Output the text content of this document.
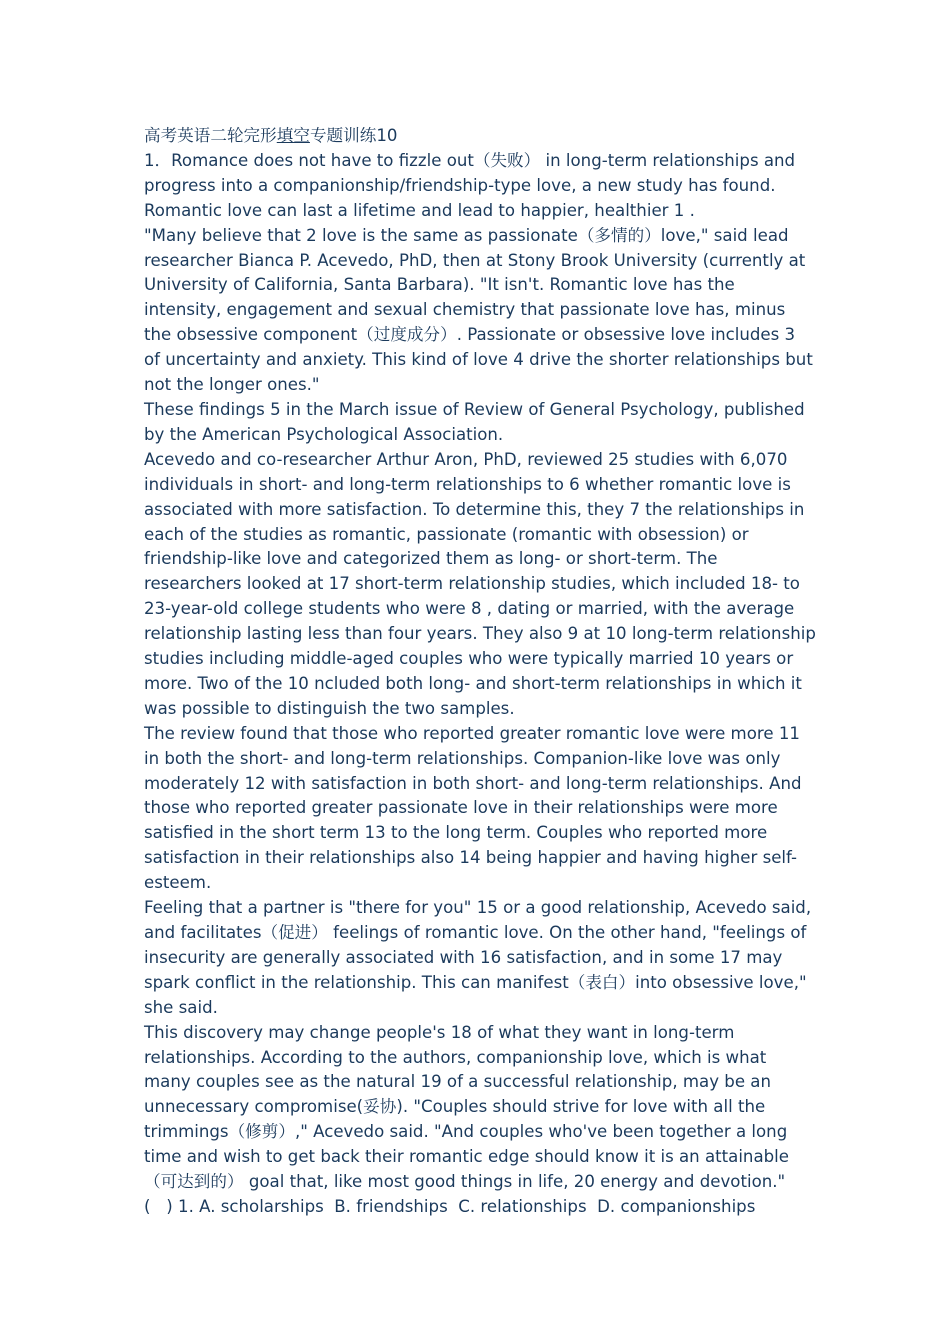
高考英语二轮完形填空专题训练10

1．Romance does not have to fizzle out（失败） in long-term relationships and progress into a companionship/friendship-type love, a new study has found. Romantic love can last a lifetime and lead to happier, healthier 1 .

"Many believe that 2 love is the same as passionate（多情的）love," said lead researcher Bianca P. Acevedo, PhD, then at Stony Brook University (currently at University of California, Santa Barbara). "It isn't. Romantic love has the intensity, engagement and sexual chemistry that passionate love has, minus the obsessive component（过度成分）. Passionate or obsessive love includes 3 of uncertainty and anxiety. This kind of love 4 drive the shorter relationships but not the longer ones."

These findings 5 in the March issue of Review of General Psychology, published by the American Psychological Association.

Acevedo and co-researcher Arthur Aron, PhD, reviewed 25 studies with 6,070 individuals in short- and long-term relationships to 6 whether romantic love is associated with more satisfaction. To determine this, they 7 the relationships in each of the studies as romantic, passionate (romantic with obsession) or friendship-like love and categorized them as long- or short-term. The researchers looked at 17 short-term relationship studies, which included 18- to 23-year-old college students who were 8 , dating or married, with the average relationship lasting less than four years. They also 9 at 10 long-term relationship studies including middle-aged couples who were typically married 10 years or more. Two of the 10 ncluded both long- and short-term relationships in which it was possible to distinguish the two samples.

The review found that those who reported greater romantic love were more 11 in both the short- and long-term relationships. Companion-like love was only moderately 12 with satisfaction in both short- and long-term relationships. And those who reported greater passionate love in their relationships were more satisfied in the short term 13 to the long term. Couples who reported more satisfaction in their relationships also 14 being happier and having higher self-esteem.

Feeling that a partner is "there for you" 15 or a good relationship, Acevedo said, and facilitates（促进） feelings of romantic love. On the other hand, "feelings of insecurity are generally associated with 16 satisfaction, and in some 17 may spark conflict in the relationship. This can manifest（表白）into obsessive love," she said.

This discovery may change people's 18 of what they want in long-term relationships. According to the authors, companionship love, which is what many couples see as the natural 19 of a successful relationship, may be an unnecessary compromise(妥协). "Couples should strive for love with all the trimmings（修剪）," Acevedo said. "And couples who've been together a long time and wish to get back their romantic edge should know it is an attainable（可达到的） goal that, like most good things in life, 20 energy and devotion."

(   ) 1. A. scholarships  B. friendships  C. relationships  D. companionships
